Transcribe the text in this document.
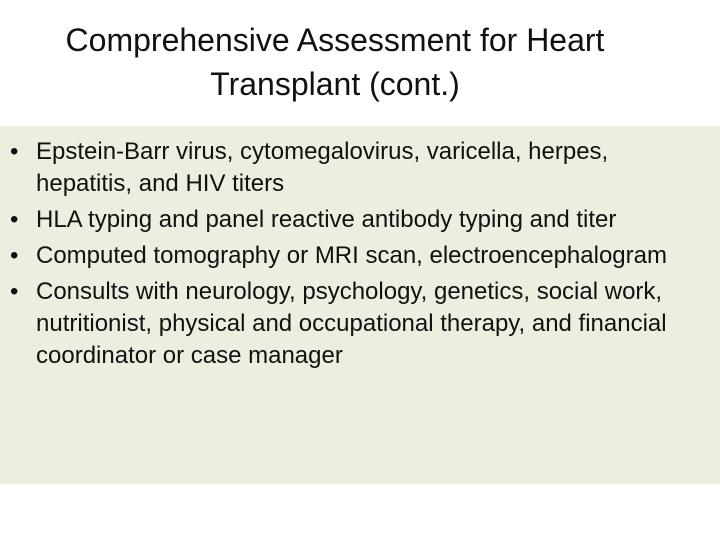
Comprehensive Assessment for Heart
Transplant (cont.)
• Epstein-Barr virus, cytomegalovirus, varicella, herpes, hepatitis, and HIV titers
• HLA typing and panel reactive antibody typing and titer
• Computed tomography or MRI scan, electroencephalogram
• Consults with neurology, psychology, genetics, social work, nutritionist, physical and occupational therapy, and financial coordinator or case manager
